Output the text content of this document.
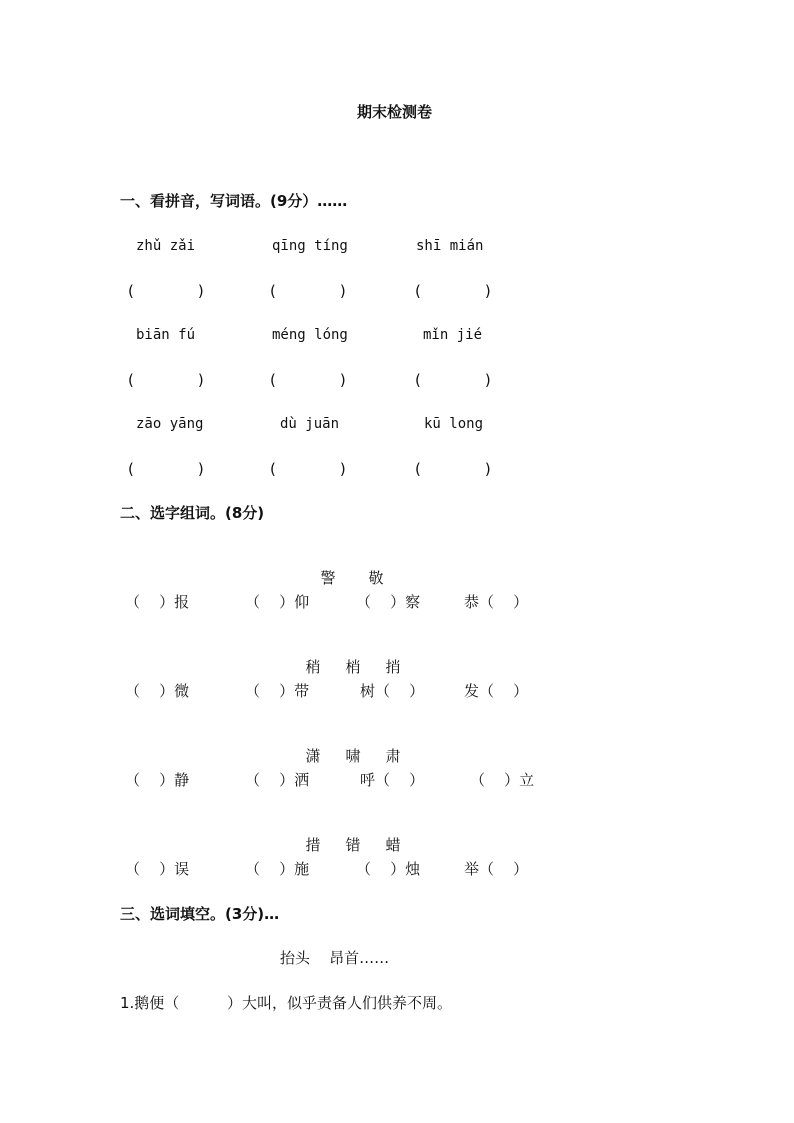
期末检测卷
一、看拼音，写词语。(9分）……
zhǔ zǎi	qīng tíng	shī mián
(	)	(	)	(	)
biān fú	méng lóng	mǐn jié
(	)	(	)	(	)
zāo yāng	dù juān	kū long
(	)	(	)	(	)
二、选字组词。(8分)

警 敬

（    ）报	（    ）仰	（    ）察	恭（    ）

稍 梢 捎

（    ）微	（    ）带	树（    ）	发（    ）

潇 啸 肃

（    ）静	（    ）洒	呼（    ）	（    ）立

措 错 蜡

（    ）误	（    ）施	（    ）烛	举（    ）
三、选词填空。(3分)…
抬头    昂首……
1.鹅便（          ）大叫，似乎责备人们供养不周。
